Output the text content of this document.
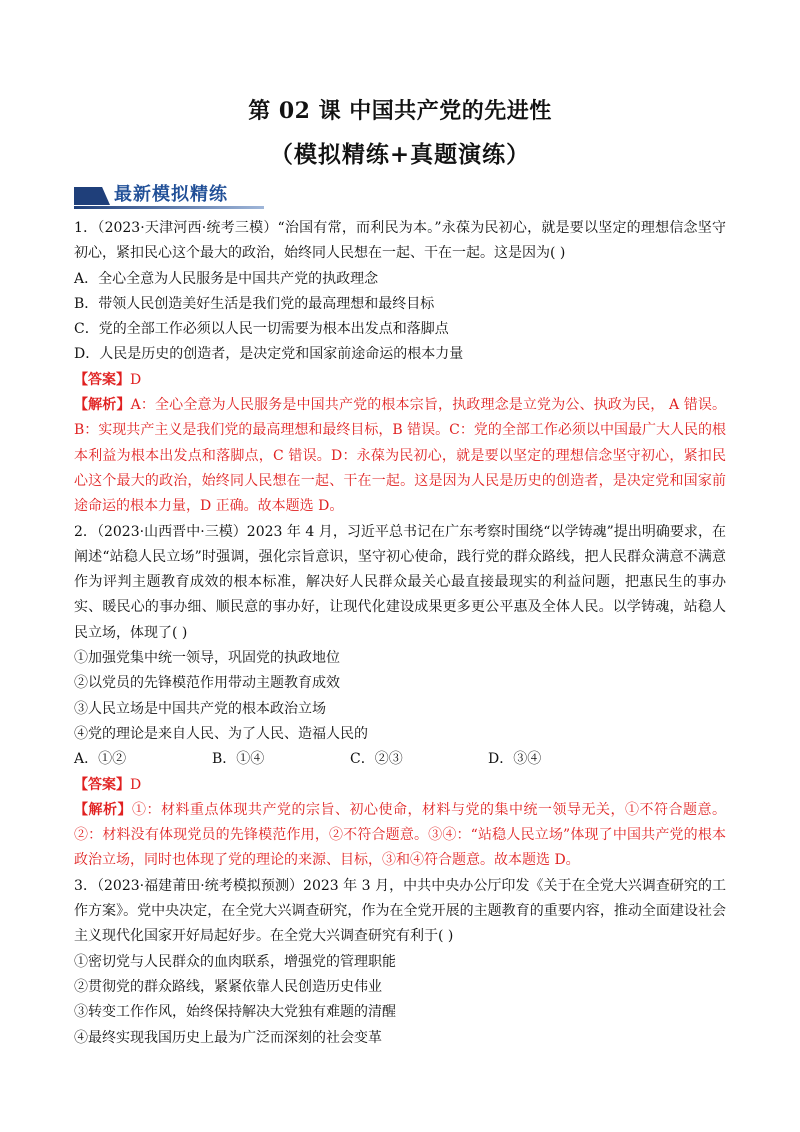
第 02 课 中国共产党的先进性
（模拟精练+真题演练）
最新模拟精练

1．（2023·天津河西·统考三模）“治国有常，而利民为本。”永葆为民初心，就是要以坚定的理想信念坚守初心，紧扣民心这个最大的政治，始终同人民想在一起、干在一起。这是因为( )

A．全心全意为人民服务是中国共产党的执政理念

B．带领人民创造美好生活是我们党的最高理想和最终目标

C．党的全部工作必须以人民一切需要为根本出发点和落脚点

D．人民是历史的创造者，是决定党和国家前途命运的根本力量

【答案】D

【解析】A：全心全意为人民服务是中国共产党的根本宗旨，执政理念是立党为公、执政为民， A 错误。B：实现共产主义是我们党的最高理想和最终目标，B 错误。C：党的全部工作必须以中国最广大人民的根本利益为根本出发点和落脚点，C 错误。D：永葆为民初心，就是要以坚定的理想信念坚守初心，紧扣民心这个最大的政治，始终同人民想在一起、干在一起。这是因为人民是历史的创造者，是决定党和国家前途命运的根本力量，D 正确。故本题选 D。

2．（2023·山西晋中·三模）2023 年 4 月，习近平总书记在广东考察时围绕“以学铸魂”提出明确要求，在阐述“站稳人民立场”时强调，强化宗旨意识，坚守初心使命，践行党的群众路线，把人民群众满意不满意作为评判主题教育成效的根本标准，解决好人民群众最关心最直接最现实的利益问题，把惠民生的事办实、暖民心的事办细、顺民意的事办好，让现代化建设成果更多更公平惠及全体人民。以学铸魂，站稳人民立场，体现了( )

①加强党集中统一领导，巩固党的执政地位

②以党员的先锋模范作用带动主题教育成效

③人民立场是中国共产党的根本政治立场

④党的理论是来自人民、为了人民、造福人民的

A．①②	B．①④	C．②③	D．③④

【答案】D

【解析】①：材料重点体现共产党的宗旨、初心使命，材料与党的集中统一领导无关，①不符合题意。②：材料没有体现党员的先锋模范作用，②不符合题意。③④：“站稳人民立场”体现了中国共产党的根本政治立场，同时也体现了党的理论的来源、目标，③和④符合题意。故本题选 D。

3．（2023·福建莆田·统考模拟预测）2023 年 3 月，中共中央办公厅印发《关于在全党大兴调查研究的工作方案》。党中央决定，在全党大兴调查研究，作为在全党开展的主题教育的重要内容，推动全面建设社会主义现代化国家开好局起好步。在全党大兴调查研究有利于( )

①密切党与人民群众的血肉联系，增强党的管理职能

②贯彻党的群众路线，紧紧依靠人民创造历史伟业

③转变工作作风，始终保持解决大党独有难题的清醒

④最终实现我国历史上最为广泛而深刻的社会变革
